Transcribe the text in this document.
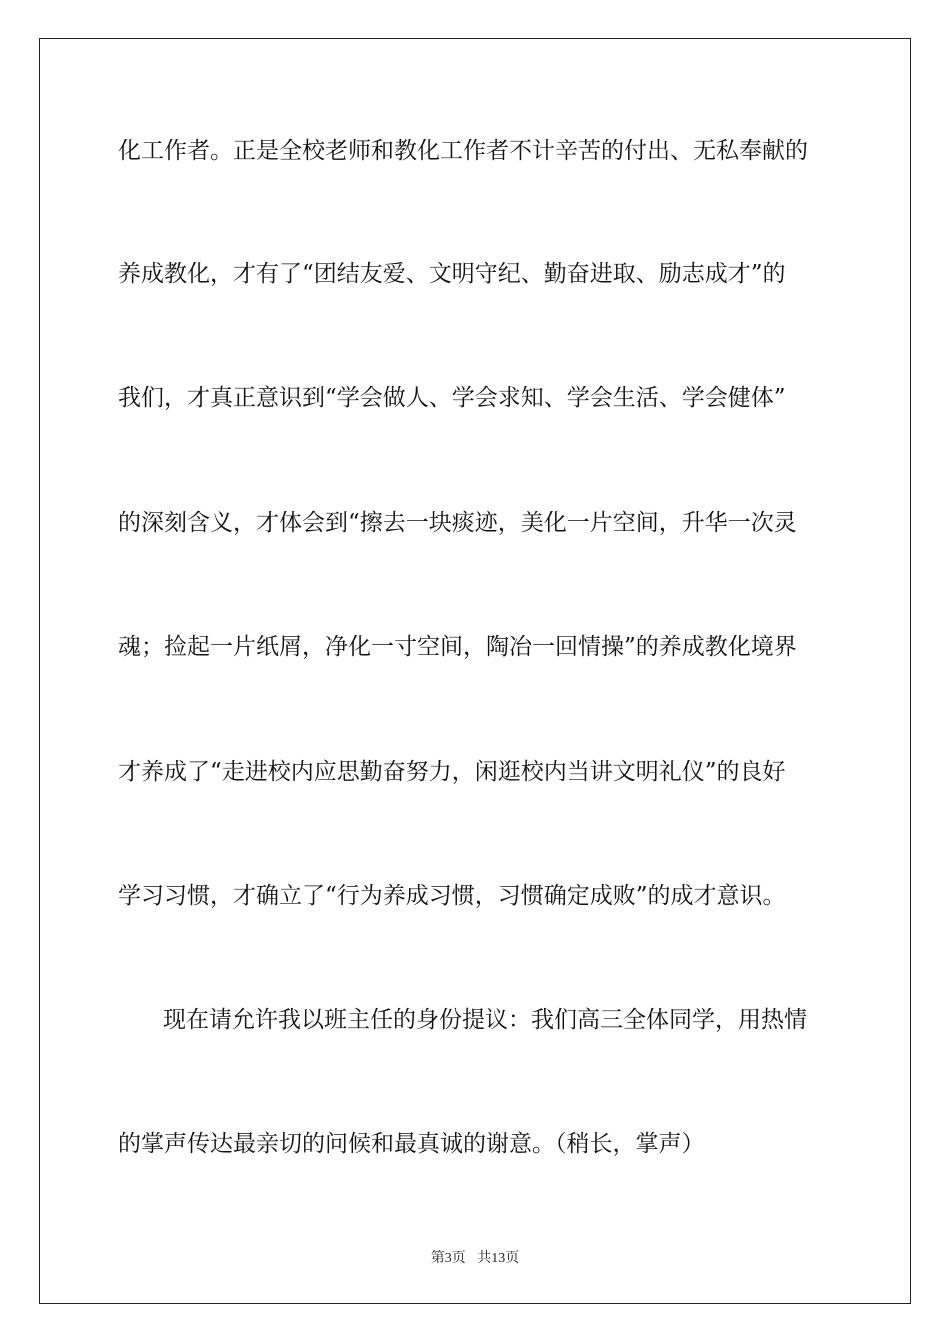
化工作者。正是全校老师和教化工作者不计辛苦的付出、无私奉献的
养成教化，才有了“团结友爱、文明守纪、勤奋进取、励志成才”的
我们，才真正意识到“学会做人、学会求知、学会生活、学会健体”
的深刻含义，才体会到“擦去一块痰迹，美化一片空间，升华一次灵
魂；捡起一片纸屑，净化一寸空间，陶冶一回情操”的养成教化境界
才养成了“走进校内应思勤奋努力，闲逛校内当讲文明礼仪”的良好
学习习惯，才确立了“行为养成习惯，习惯确定成败”的成才意识。
现在请允许我以班主任的身份提议：我们高三全体同学，用热情
的掌声传达最亲切的问候和最真诚的谢意。（稍长，掌声）
第3页 共13页
